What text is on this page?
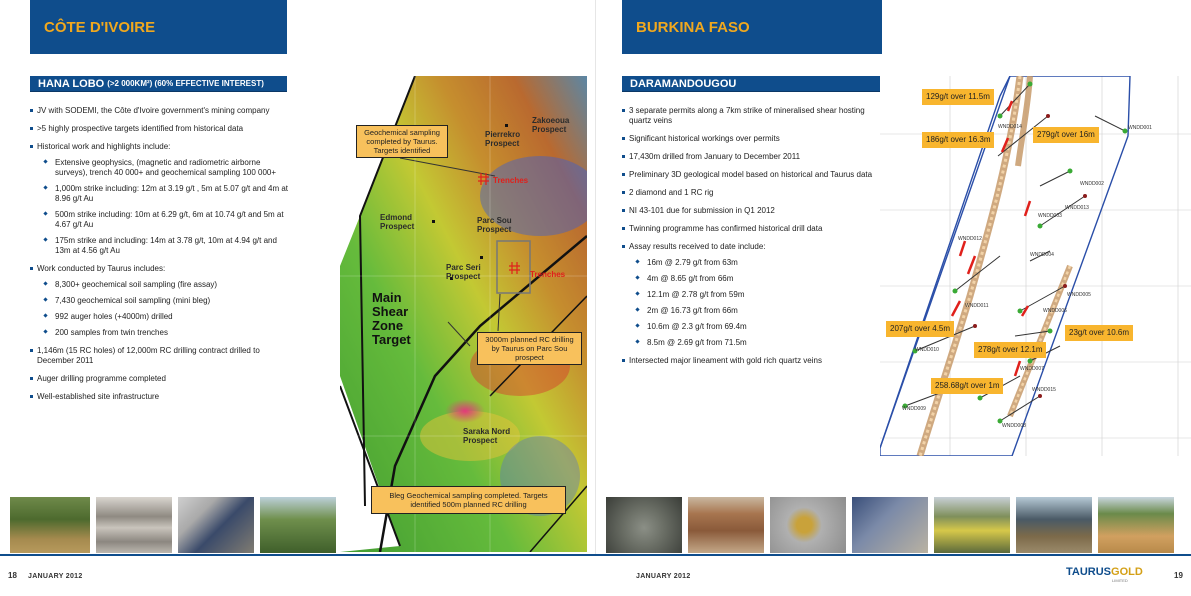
CÔTE D'IVOIRE
HANA LOBO (>2 000KM²) (60% EFFECTIVE INTEREST)
JV with SODEMI, the Côte d'Ivoire government's mining company
>5 highly prospective targets identified from historical data
Historical work and highlights include:
Extensive geophysics, (magnetic and radiometric airborne surveys), trench 40 000+ and geochemical sampling 100 000+
1,000m strike including: 12m at 3.19 g/t , 5m at 5.07 g/t and 4m at 8.96 g/t Au
500m strike including: 10m at 6.29 g/t, 6m at 10.74 g/t and 5m at 4.67 g/t Au
175m strike and including: 14m at 3.78 g/t, 10m at 4.94 g/t and 13m at 4.56 g/t Au
Work conducted by Taurus includes:
8,300+ geochemical soil sampling (fire assay)
7,430 geochemical soil sampling (mini bleg)
992 auger holes (+4000m) drilled
200 samples from twin trenches
1,146m (15 RC holes) of 12,000m RC drilling contract drilled to December 2011
Auger drilling programme completed
Well-established site infrastructure
Zakoeoua Prospect
Pierrekro Prospect
Trenches
Edmond Prospect
Parc Sou Prospect
Parc Seri Prospect	Trenches
Main Shear Zone Target
Saraka Nord Prospect
Geochemical sampling completed by Taurus. Targets identified
3000m planned RC drilling by Taurus on Parc Sou prospect
Bleg Geochemical sampling completed. Targets identified 500m planned RC drilling
18 JANUARY 2012
BURKINA FASO
DARAMANDOUGOU
3 separate permits along a 7km strike of mineralised shear hosting quartz veins
Significant historical workings over permits
17,430m drilled from January to December 2011
Preliminary 3D geological model based on historical and Taurus data
2 diamond and 1 RC rig
NI 43-101 due for submission in Q1 2012
Twinning programme has confirmed historical drill data
Assay results received to date include:
16m @ 2.79 g/t from 63m
4m @ 8.65 g/t from 66m
12.1m @ 2.78 g/t from 59m
2m @ 16.73 g/t from 66m
10.6m @ 2.3 g/t from 69.4m
8.5m @ 2.69 g/t from 71.5m
Intersected major lineament with gold rich quartz veins
JANUARY 2012	TAURUS GOLD
LIMITED
19
129g/t over 11.5m
186g/t over 16.3m
279g/t over 16m
207g/t over 4.5m	23g/t over 10.6m
278g/t over 12.1m
258.68g/t over 1m
WNDD001
WNDD014
WNDD002
WNDD013
WNDD003
WNDD012
WNDD004
WNDD005
WNDD011
WNDD006
WNDD010
WNDD007
WNDD015
WNDD009
WNDD008
